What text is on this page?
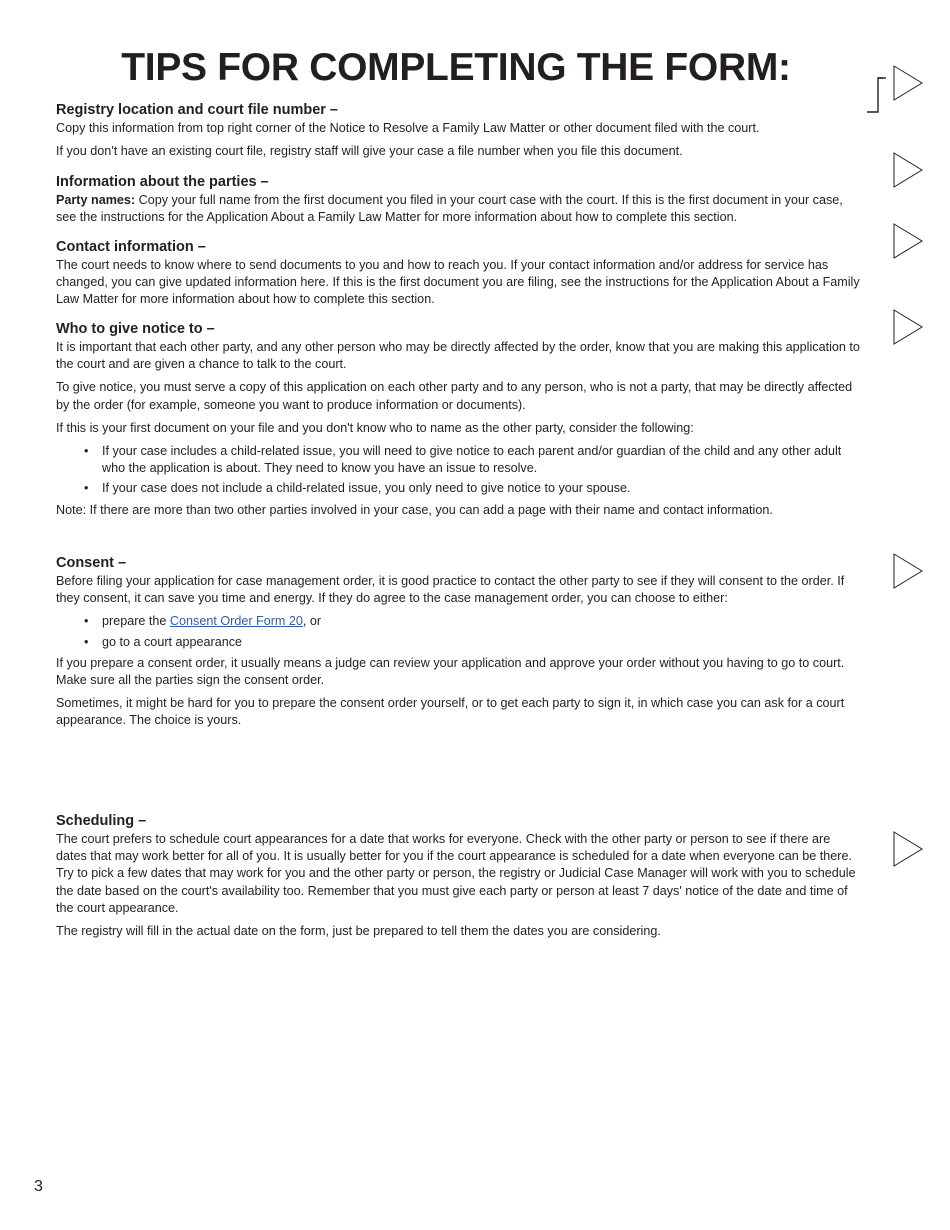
TIPS FOR COMPLETING THE FORM:
Registry location and court file number –

Copy this information from top right corner of the Notice to Resolve a Family Law Matter or other document filed with the court.

If you don't have an existing court file, registry staff will give your case a file number when you file this document.

Information about the parties –

Party names: Copy your full name from the first document you filed in your court case with the court. If this is the first document in your case, see the instructions for the Application About a Family Law Matter for more information about how to complete this section.

Contact information –

The court needs to know where to send documents to you and how to reach you. If your contact information and/or address for service has changed, you can give updated information here. If this is the first document you are filing, see the instructions for the Application About a Family Law Matter for more information about how to complete this section.

Who to give notice to –

It is important that each other party, and any other person who may be directly affected by the order, know that you are making this application to the court and are given a chance to talk to the court.

To give notice, you must serve a copy of this application on each other party and to any person, who is not a party, that may be directly affected by the order (for example, someone you want to produce information or documents).

If this is your first document on your file and you don't know who to name as the other party, consider the following:

• If your case includes a child-related issue, you will need to give notice to each parent and/or guardian of the child and any other adult who the application is about. They need to know you have an issue to resolve.
• If your case does not include a child-related issue, you only need to give notice to your spouse.

Note: If there are more than two other parties involved in your case, you can add a page with their name and contact information.

Consent –

Before filing your application for case management order, it is good practice to contact the other party to see if they will consent to the order. If they consent, it can save you time and energy. If they do agree to the case management order, you can choose to either:

• prepare the Consent Order Form 20, or
• go to a court appearance

If you prepare a consent order, it usually means a judge can review your application and approve your order without you having to go to court. Make sure all the parties sign the consent order.

Sometimes, it might be hard for you to prepare the consent order yourself, or to get each party to sign it, in which case you can ask for a court appearance. The choice is yours.

Scheduling –

The court prefers to schedule court appearances for a date that works for everyone. Check with the other party or person to see if there are dates that may work better for all of you. It is usually better for you if the court appearance is scheduled for a date when everyone can be there. Try to pick a few dates that may work for you and the other party or person, the registry or Judicial Case Manager will work with you to schedule the date based on the court's availability too. Remember that you must give each party or person at least 7 days' notice of the date and time of the court appearance.

The registry will fill in the actual date on the form, just be prepared to tell them the dates you are considering.

3
